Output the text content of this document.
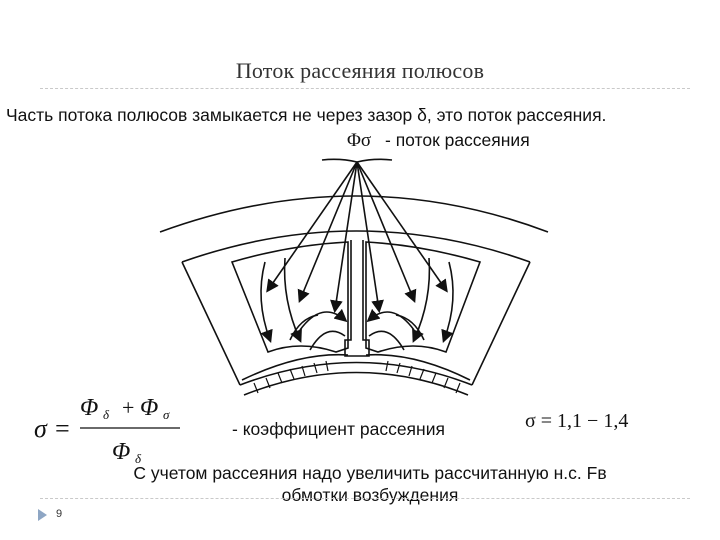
Поток рассеяния полюсов
Часть потока полюсов замыкается не через зазор δ, это поток рассеяния.
Φσ - поток рассеяния
σ =
Φ δ + Φ σ
Φ δ
- коэффициент рассеяния	σ = 1,1 − 1,4
С учетом рассеяния надо увеличить рассчитанную н.с. Fв
обмотки возбуждения
9
